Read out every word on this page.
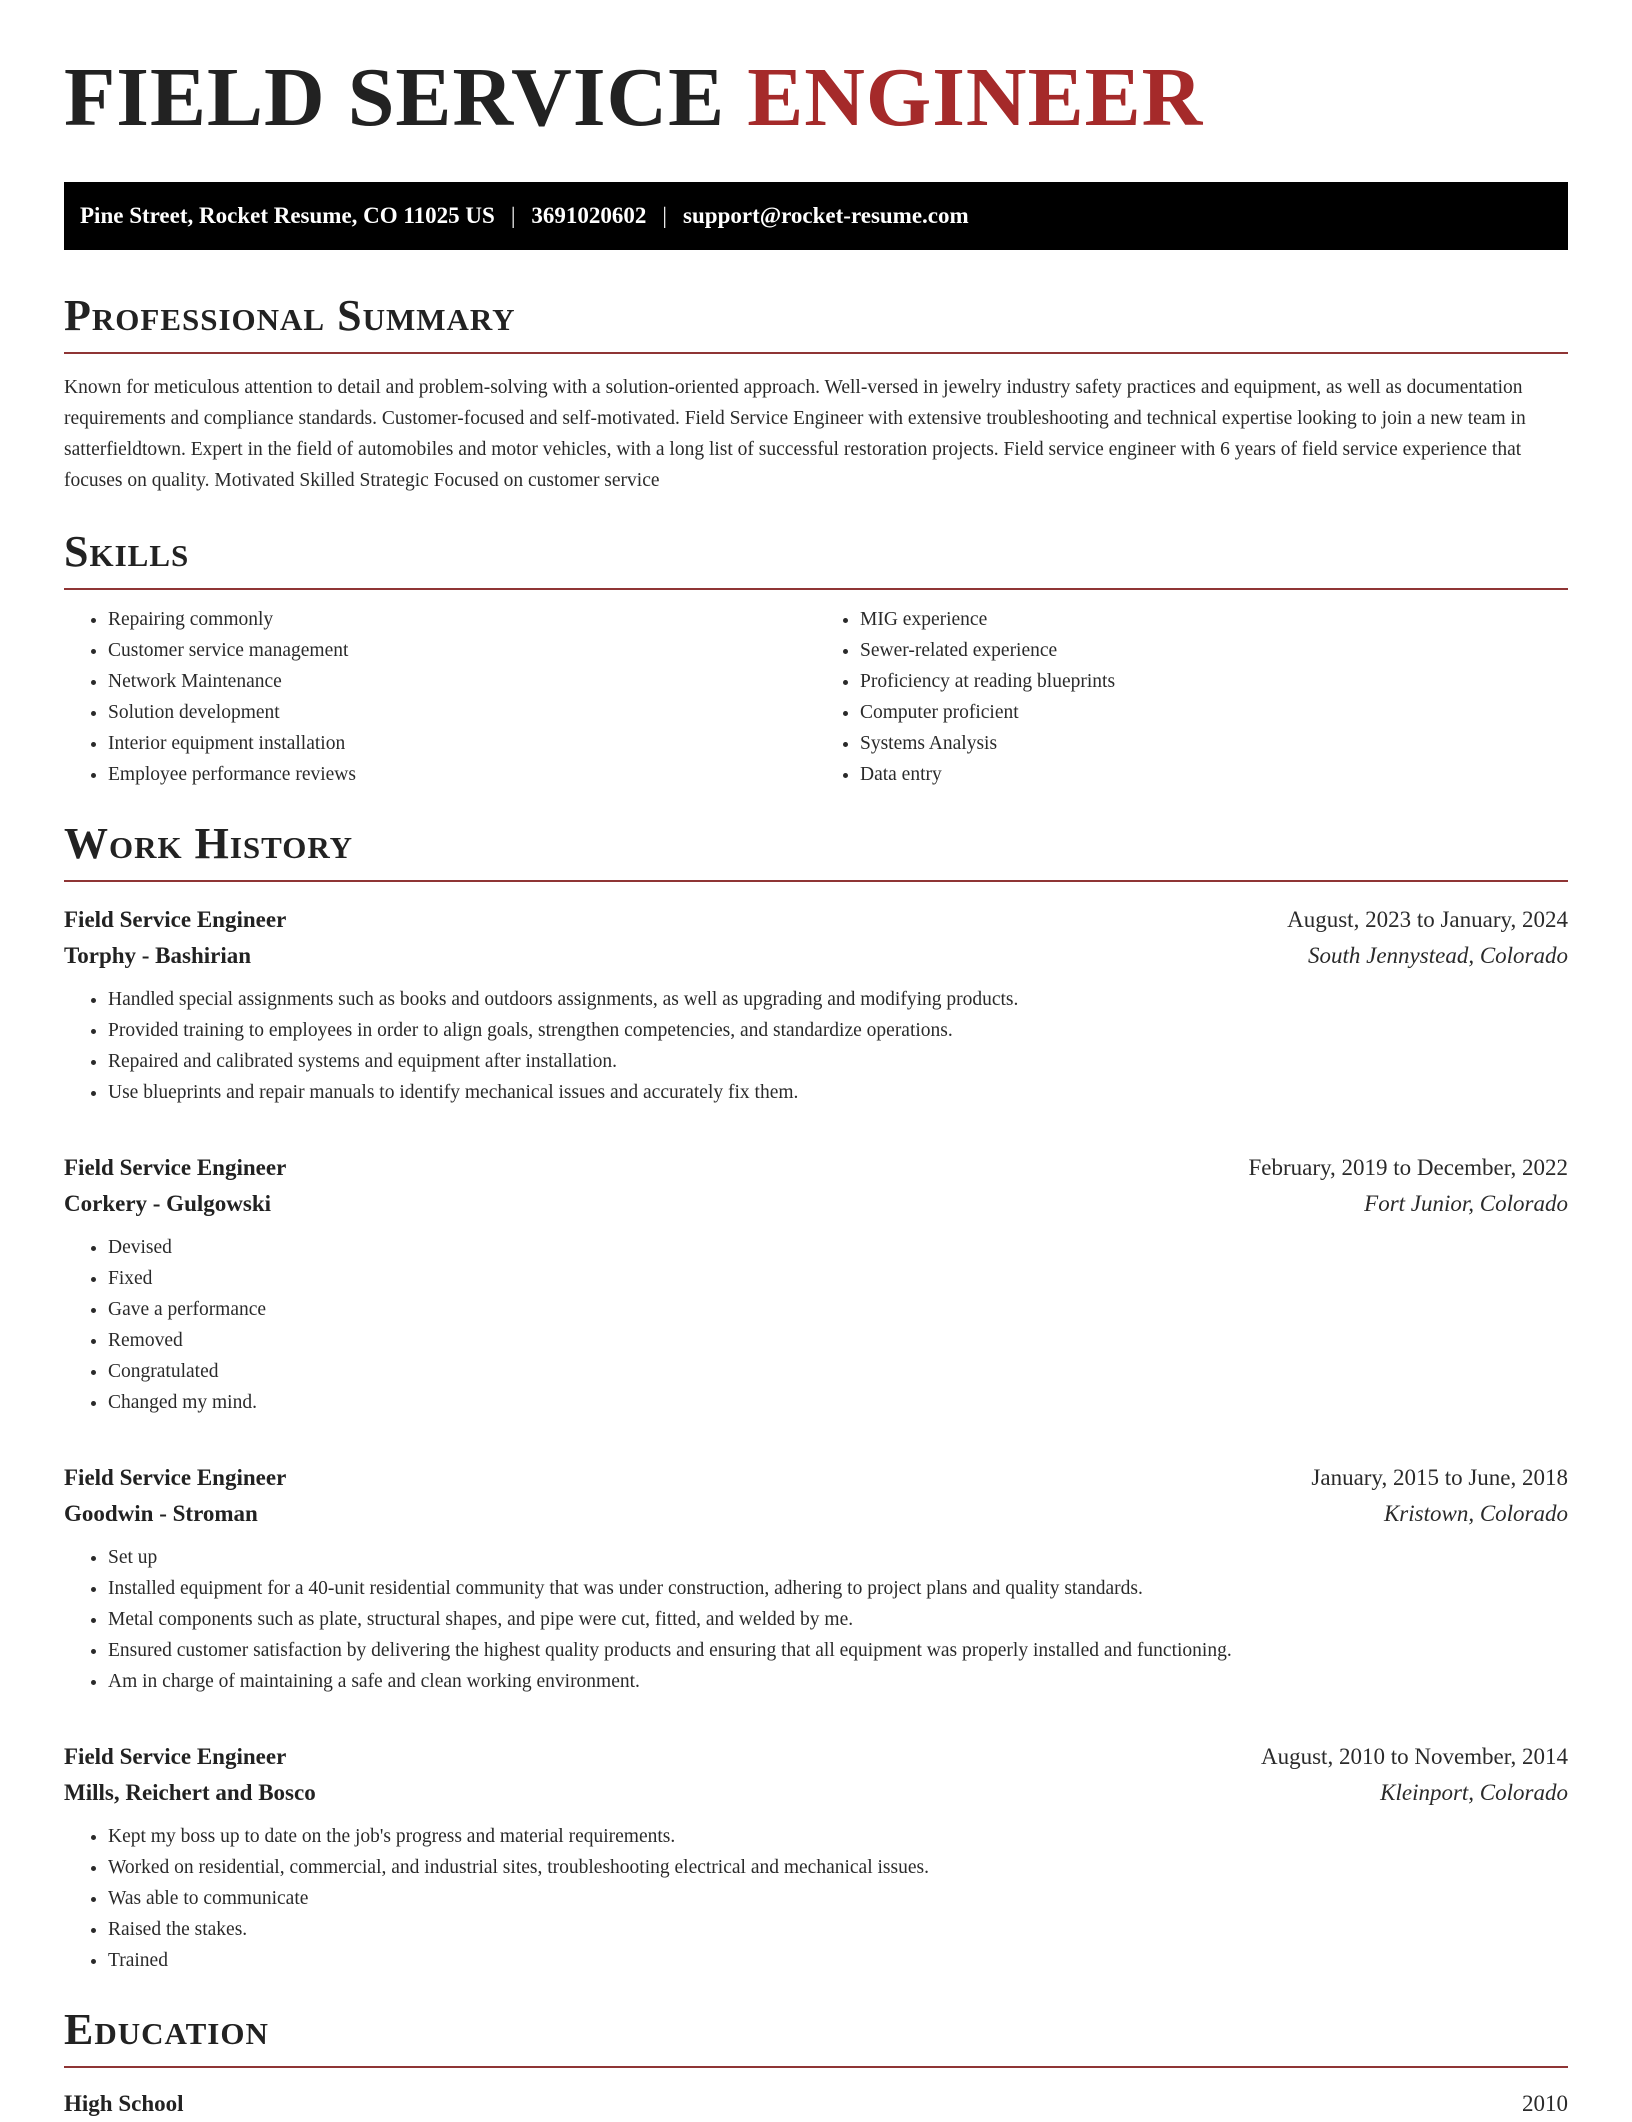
FIELD SERVICE ENGINEER
Pine Street, Rocket Resume, CO 11025 US | 3691020602 | support@rocket-resume.com
Professional Summary

Known for meticulous attention to detail and problem-solving with a solution-oriented approach. Well-versed in jewelry industry safety practices and equipment, as well as documentation requirements and compliance standards. Customer-focused and self-motivated. Field Service Engineer with extensive troubleshooting and technical expertise looking to join a new team in satterfieldtown. Expert in the field of automobiles and motor vehicles, with a long list of successful restoration projects. Field service engineer with 6 years of field service experience that focuses on quality. Motivated Skilled Strategic Focused on customer service

Skills
• Repairing commonly
• Customer service management
• Network Maintenance
• Solution development
• Interior equipment installation
• Employee performance reviews
• MIG experience
• Sewer-related experience
• Proficiency at reading blueprints
• Computer proficient
• Systems Analysis
• Data entry
Work History
Field Service Engineer	August, 2023 to January, 2024
Torphy - Bashirian	South Jennystead, Colorado
• Handled special assignments such as books and outdoors assignments, as well as upgrading and modifying products.
• Provided training to employees in order to align goals, strengthen competencies, and standardize operations.
• Repaired and calibrated systems and equipment after installation.
• Use blueprints and repair manuals to identify mechanical issues and accurately fix them.
Field Service Engineer	February, 2019 to December, 2022
Corkery - Gulgowski	Fort Junior, Colorado
• Devised
• Fixed
• Gave a performance
• Removed
• Congratulated
• Changed my mind.
Field Service Engineer	January, 2015 to June, 2018
Goodwin - Stroman	Kristown, Colorado
• Set up
• Installed equipment for a 40-unit residential community that was under construction, adhering to project plans and quality standards.
• Metal components such as plate, structural shapes, and pipe were cut, fitted, and welded by me.
• Ensured customer satisfaction by delivering the highest quality products and ensuring that all equipment was properly installed and functioning.
• Am in charge of maintaining a safe and clean working environment.
Field Service Engineer	August, 2010 to November, 2014
Mills, Reichert and Bosco	Kleinport, Colorado
• Kept my boss up to date on the job's progress and material requirements.
• Worked on residential, commercial, and industrial sites, troubleshooting electrical and mechanical issues.
• Was able to communicate
• Raised the stakes.
• Trained
Education
High School	2010
